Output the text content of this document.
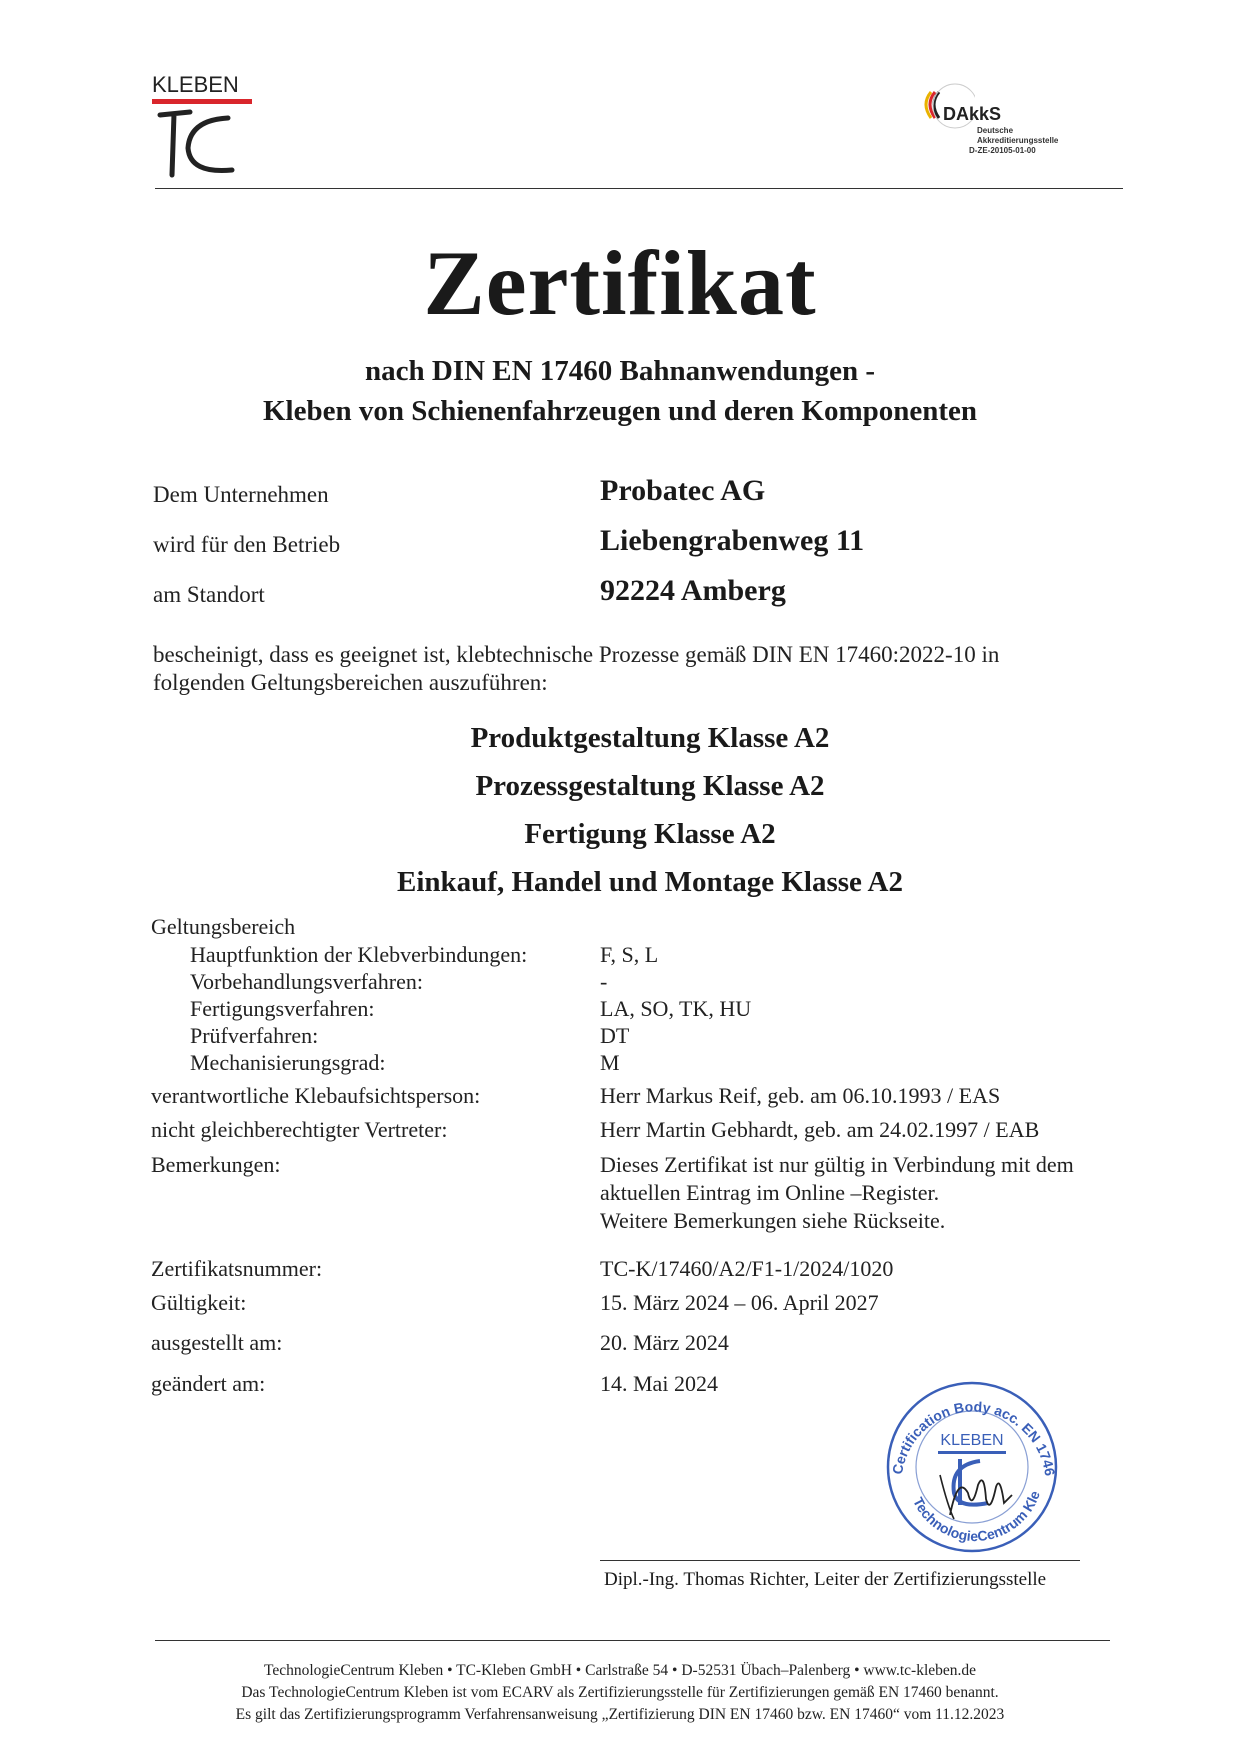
KLEBEN
DAkkS
Deutsche
Akkreditierungsstelle
D-ZE-20105-01-00
Zertifikat
nach DIN EN 17460 Bahnanwendungen -
Kleben von Schienenfahrzeugen und deren Komponenten
Dem Unternehmen	Probatec AG
wird für den Betrieb	Liebengrabenweg 11
am Standort	92224 Amberg
bescheinigt, dass es geeignet ist, klebtechnische Prozesse gemäß DIN EN 17460:2022-10 in
folgenden Geltungsbereichen auszuführen:
Produktgestaltung Klasse A2
Prozessgestaltung Klasse A2
Fertigung Klasse A2
Einkauf, Handel und Montage Klasse A2
Geltungsbereich
Hauptfunktion der Klebverbindungen:	F, S, L
Vorbehandlungsverfahren:	-
Fertigungsverfahren:	LA, SO, TK, HU
Prüfverfahren:	DT
Mechanisierungsgrad:	M
verantwortliche Klebaufsichtsperson:	Herr Markus Reif, geb. am 06.10.1993 / EAS
nicht gleichberechtigter Vertreter:	Herr Martin Gebhardt, geb. am 24.02.1997 / EAB
Bemerkungen:	Dieses Zertifikat ist nur gültig in Verbindung mit dem
aktuellen Eintrag im Online –Register.
Weitere Bemerkungen siehe Rückseite.
Zertifikatsnummer:	TC-K/17460/A2/F1-1/2024/1020
Gültigkeit:	15. März 2024 – 06. April 2027
ausgestellt am:	20. März 2024
geändert am:	14. Mai 2024
Certification Body acc. EN 1746
TechnologieCentrum Kle
KLEBEN
Dipl.-Ing. Thomas Richter, Leiter der Zertifizierungsstelle
TechnologieCentrum Kleben • TC-Kleben GmbH • Carlstraße 54 • D-52531 Übach–Palenberg • www.tc-kleben.de
Das TechnologieCentrum Kleben ist vom ECARV als Zertifizierungsstelle für Zertifizierungen gemäß EN 17460 benannt.
Es gilt das Zertifizierungsprogramm Verfahrensanweisung „Zertifizierung DIN EN 17460 bzw. EN 17460“ vom 11.12.2023
